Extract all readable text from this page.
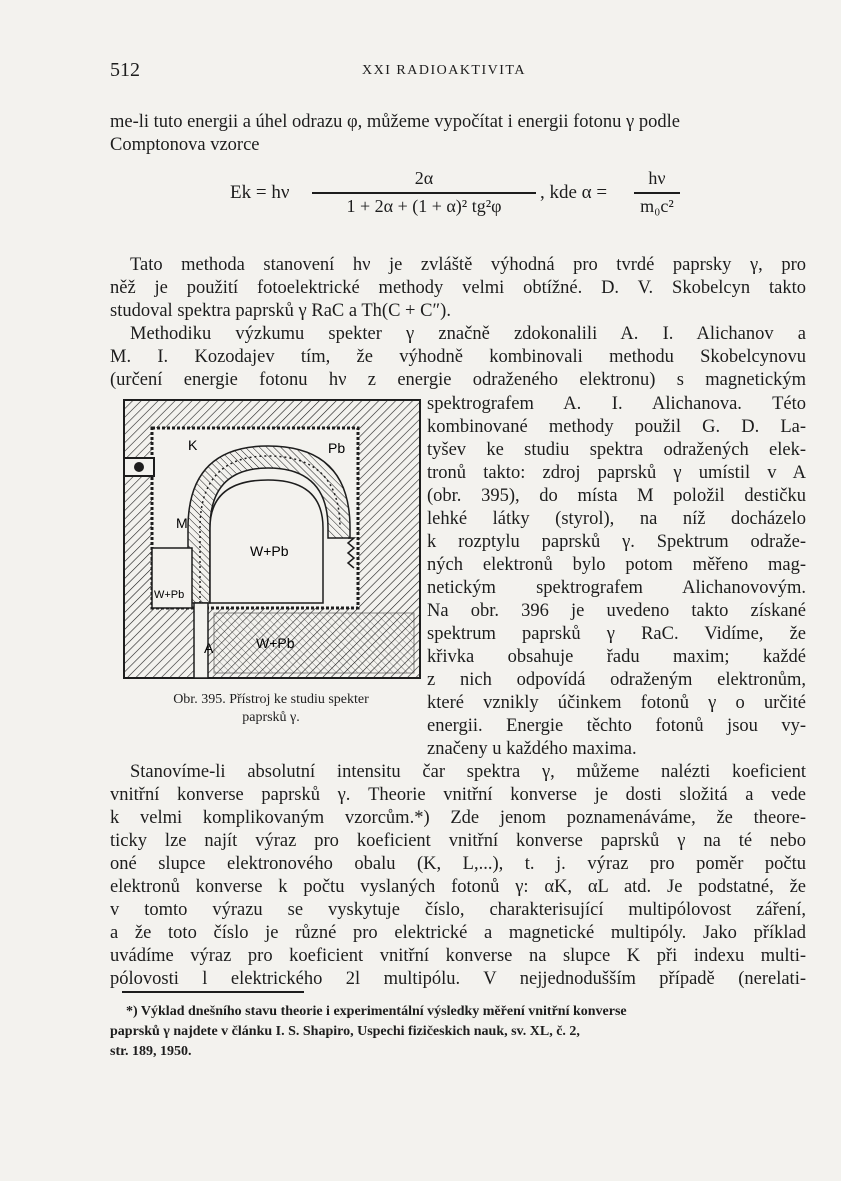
512	XXI RADIOAKTIVITA
me-li tuto energii a úhel odrazu φ, můžeme vypočítat i energii fotonu γ podle
Comptonova vzorce
Ek = hν
2α
1 + 2α + (1 + α)² tg²φ
, kde α =
hν
m₀c²
Tato methoda stanovení hν je zvláště výhodná pro tvrdé paprsky γ, pro
něž je použití fotoelektrické methody velmi obtížné. D. V. Skobelcyn takto
studoval spektra paprsků γ RaC a Th(C + C″).
Methodiku výzkumu spekter γ značně zdokonalili A. I. Alichanov a
M. I. Kozodajev tím, že výhodně kombinovali methodu Skobelcynovu
(určení energie fotonu hν z energie odraženého elektronu) s magnetickým
spektrografem A. I. Alichanova. Této
kombinované methody použil G. D. La-
tyšev ke studiu spektra odražených elek-
tronů takto: zdroj paprsků γ umístil v A
(obr. 395), do místa M položil destičku
lehké látky (styrol), na níž docházelo
k rozptylu paprsků γ. Spektrum odraže-
ných elektronů bylo potom měřeno mag-
netickým spektrografem Alichanovovým.
Na obr. 396 je uvedeno takto získané
spektrum paprsků γ RaC. Vidíme, že
křivka obsahuje řadu maxim; každé
z nich odpovídá odraženým elektronům,
které vznikly účinkem fotonů γ o určité
energii. Energie těchto fotonů jsou vy-
značeny u každého maxima.
K	Pb
M
W+Pb
W+Pb
A	W+Pb
Obr. 395. Přístroj ke studiu spekter
paprsků γ.
Stanovíme-li absolutní intensitu čar spektra γ, můžeme nalézti koeficient
vnitřní konverse paprsků γ. Theorie vnitřní konverse je dosti složitá a vede
k velmi komplikovaným vzorcům.*) Zde jenom poznamenáváme, že theore-
ticky lze najít výraz pro koeficient vnitřní konverse paprsků γ na té nebo
oné slupce elektronového obalu (K, L,...), t. j. výraz pro poměr počtu
elektronů konverse k počtu vyslaných fotonů γ: αK, αL atd. Je podstatné, že
v tomto výrazu se vyskytuje číslo, charakterisující multipólovost záření,
a že toto číslo je různé pro elektrické a magnetické multipóly. Jako příklad
uvádíme výraz pro koeficient vnitřní konverse na slupce K při indexu multi-
pólovosti l elektrického 2l multipólu. V nejjednodušším případě (nerelati-
*) Výklad dnešního stavu theorie i experimentální výsledky měření vnitřní konverse
paprsků γ najdete v článku I. S. Shapiro, Uspechi fizičeskich nauk, sv. XL, č. 2,
str. 189, 1950.
